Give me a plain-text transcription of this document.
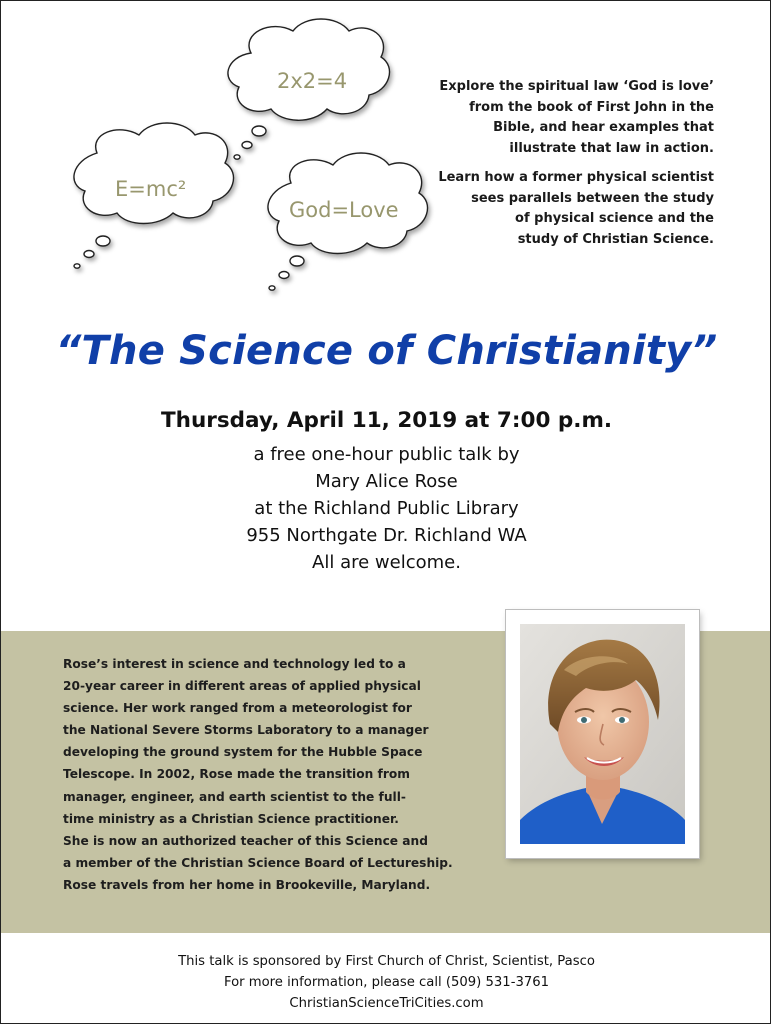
2x2=4
E=mc²
God=Love
Explore the spiritual law ‘God is love’
from the book of First John in the
Bible, and hear examples that
illustrate that law in action.
Learn how a former physical scientist
sees parallels between the study
of physical science and the
study of Christian Science.
“The Science of Christianity”
Thursday, April 11, 2019 at 7:00 p.m.
a free one-hour public talk by
Mary Alice Rose
at the Richland Public Library
955 Northgate Dr. Richland WA
All are welcome.
Rose’s interest in science and technology led to a
20-year career in different areas of applied physical
science. Her work ranged from a meteorologist for
the National Severe Storms Laboratory to a manager
developing the ground system for the Hubble Space
Telescope. In 2002, Rose made the transition from
manager, engineer, and earth scientist to the full-
time ministry as a Christian Science practitioner.
She is now an authorized teacher of this Science and
a member of the Christian Science Board of Lectureship.
Rose travels from her home in Brookeville, Maryland.
This talk is sponsored by First Church of Christ, Scientist, Pasco
For more information, please call (509) 531-3761
ChristianScienceTriCities.com
